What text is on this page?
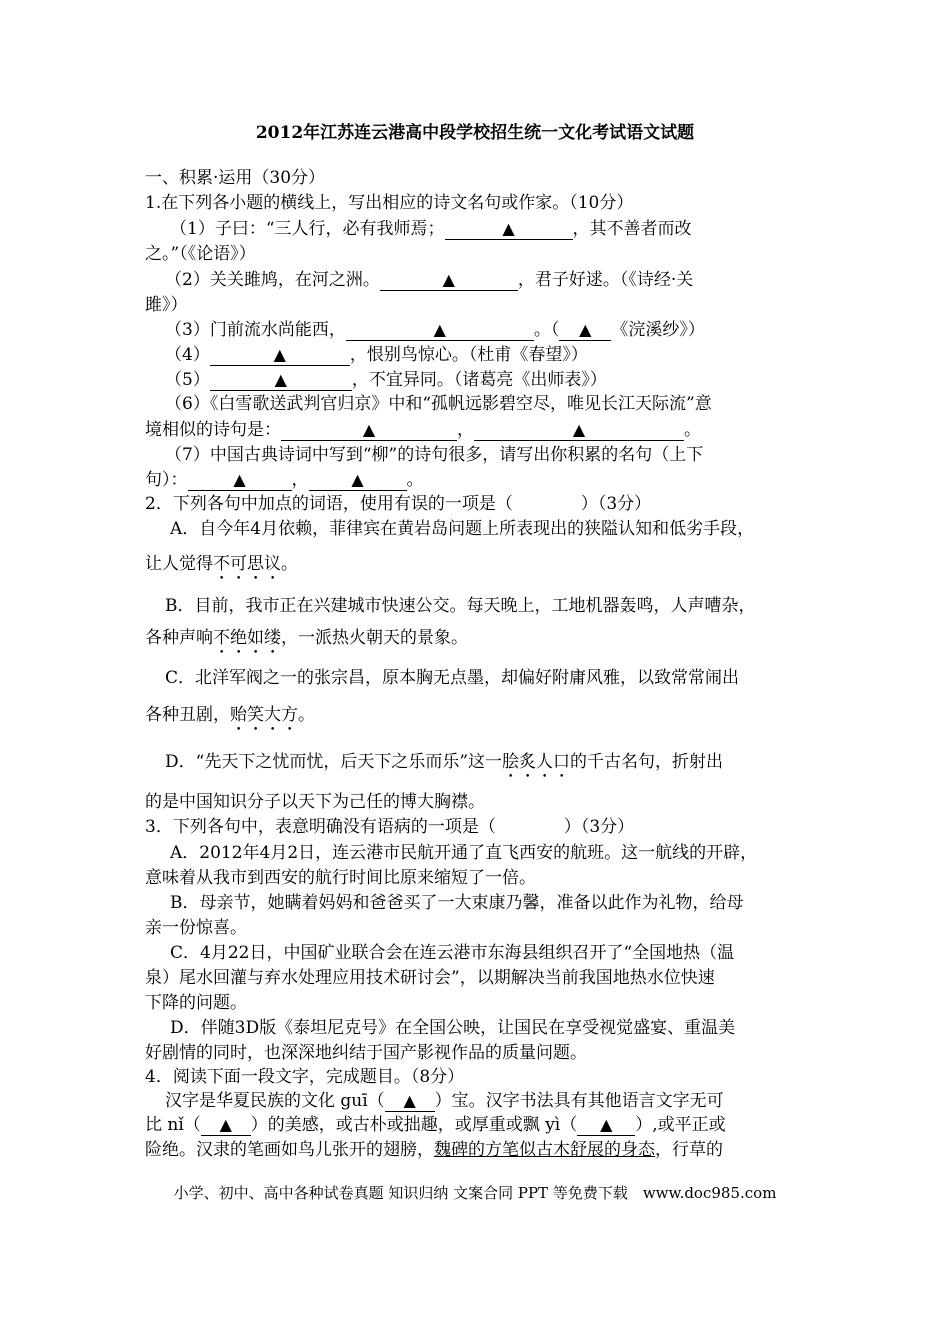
2012年江苏连云港高中段学校招生统一文化考试语文试题
一、积累·运用（30分）
1.在下列各小题的横线上，写出相应的诗文名句或作家。（10分）
（1）子曰：“三人行，必有我师焉；	▲	，其不善者而改
之。”（《论语》）
（2）关关雎鸠，在河之洲。	▲	，君子好逑。（《诗经·关
雎》）
（3）门前流水尚能西，	▲	。（ ▲ 《浣溪纱》）
（4）	▲	，恨别鸟惊心。（杜甫《春望》）
（5）	▲	，不宜异同。（诸葛亮《出师表》）
（6）《白雪歌送武判官归京》中和“孤帆远影碧空尽，唯见长江天际流”意
境相似的诗句是：	▲	，	▲	。
（7）中国古典诗词中写到“柳”的诗句很多，请写出你积累的名句（上下
句）：	▲	，	▲	。
2．下列各句中加点的词语，使用有误的一项是（　　　　）（3分）
A．自今年4月依赖，菲律宾在黄岩岛问题上所表现出的狭隘认知和低劣手段，
让人觉得不可思议。
B．目前，我市正在兴建城市快速公交。每天晚上，工地机器轰鸣，人声嘈杂，
各种声响不绝如缕，一派热火朝天的景象。
C．北洋军阀之一的张宗昌，原本胸无点墨，却偏好附庸风雅，以致常常闹出
各种丑剧，贻笑大方。
D．“先天下之忧而忧，后天下之乐而乐”这一脍炙人口的千古名句，折射出
的是中国知识分子以天下为己任的博大胸襟。
3．下列各句中，表意明确没有语病的一项是（　　　　）（3分）
A．2012年4月2日，连云港市民航开通了直飞西安的航班。这一航线的开辟，
意味着从我市到西安的航行时间比原来缩短了一倍。
B．母亲节，她瞒着妈妈和爸爸买了一大束康乃馨，准备以此作为礼物，给母
亲一份惊喜。
C．4月22日，中国矿业联合会在连云港市东海县组织召开了“全国地热（温
泉）尾水回灌与弃水处理应用技术研讨会”，以期解决当前我国地热水位快速
下降的问题。
D．伴随3D版《泰坦尼克号》在全国公映，让国民在享受视觉盛宴、重温美
好剧情的同时，也深深地纠结于国产影视作品的质量问题。
4．阅读下面一段文字，完成题目。（8分）
汉字是华夏民族的文化 guī（ ▲ ）宝。汉字书法具有其他语言文字无可
比 nǐ（ ▲ ）的美感，或古朴或拙趣，或厚重或飘 yì（ ▲ ）,或平正或
险绝。汉隶的笔画如鸟儿张开的翅膀，魏碑的方笔似古木舒展的身态，行草的
小学、初中、高中各种试卷真题 知识归纳 文案合同 PPT 等免费下载　www.doc985.com
